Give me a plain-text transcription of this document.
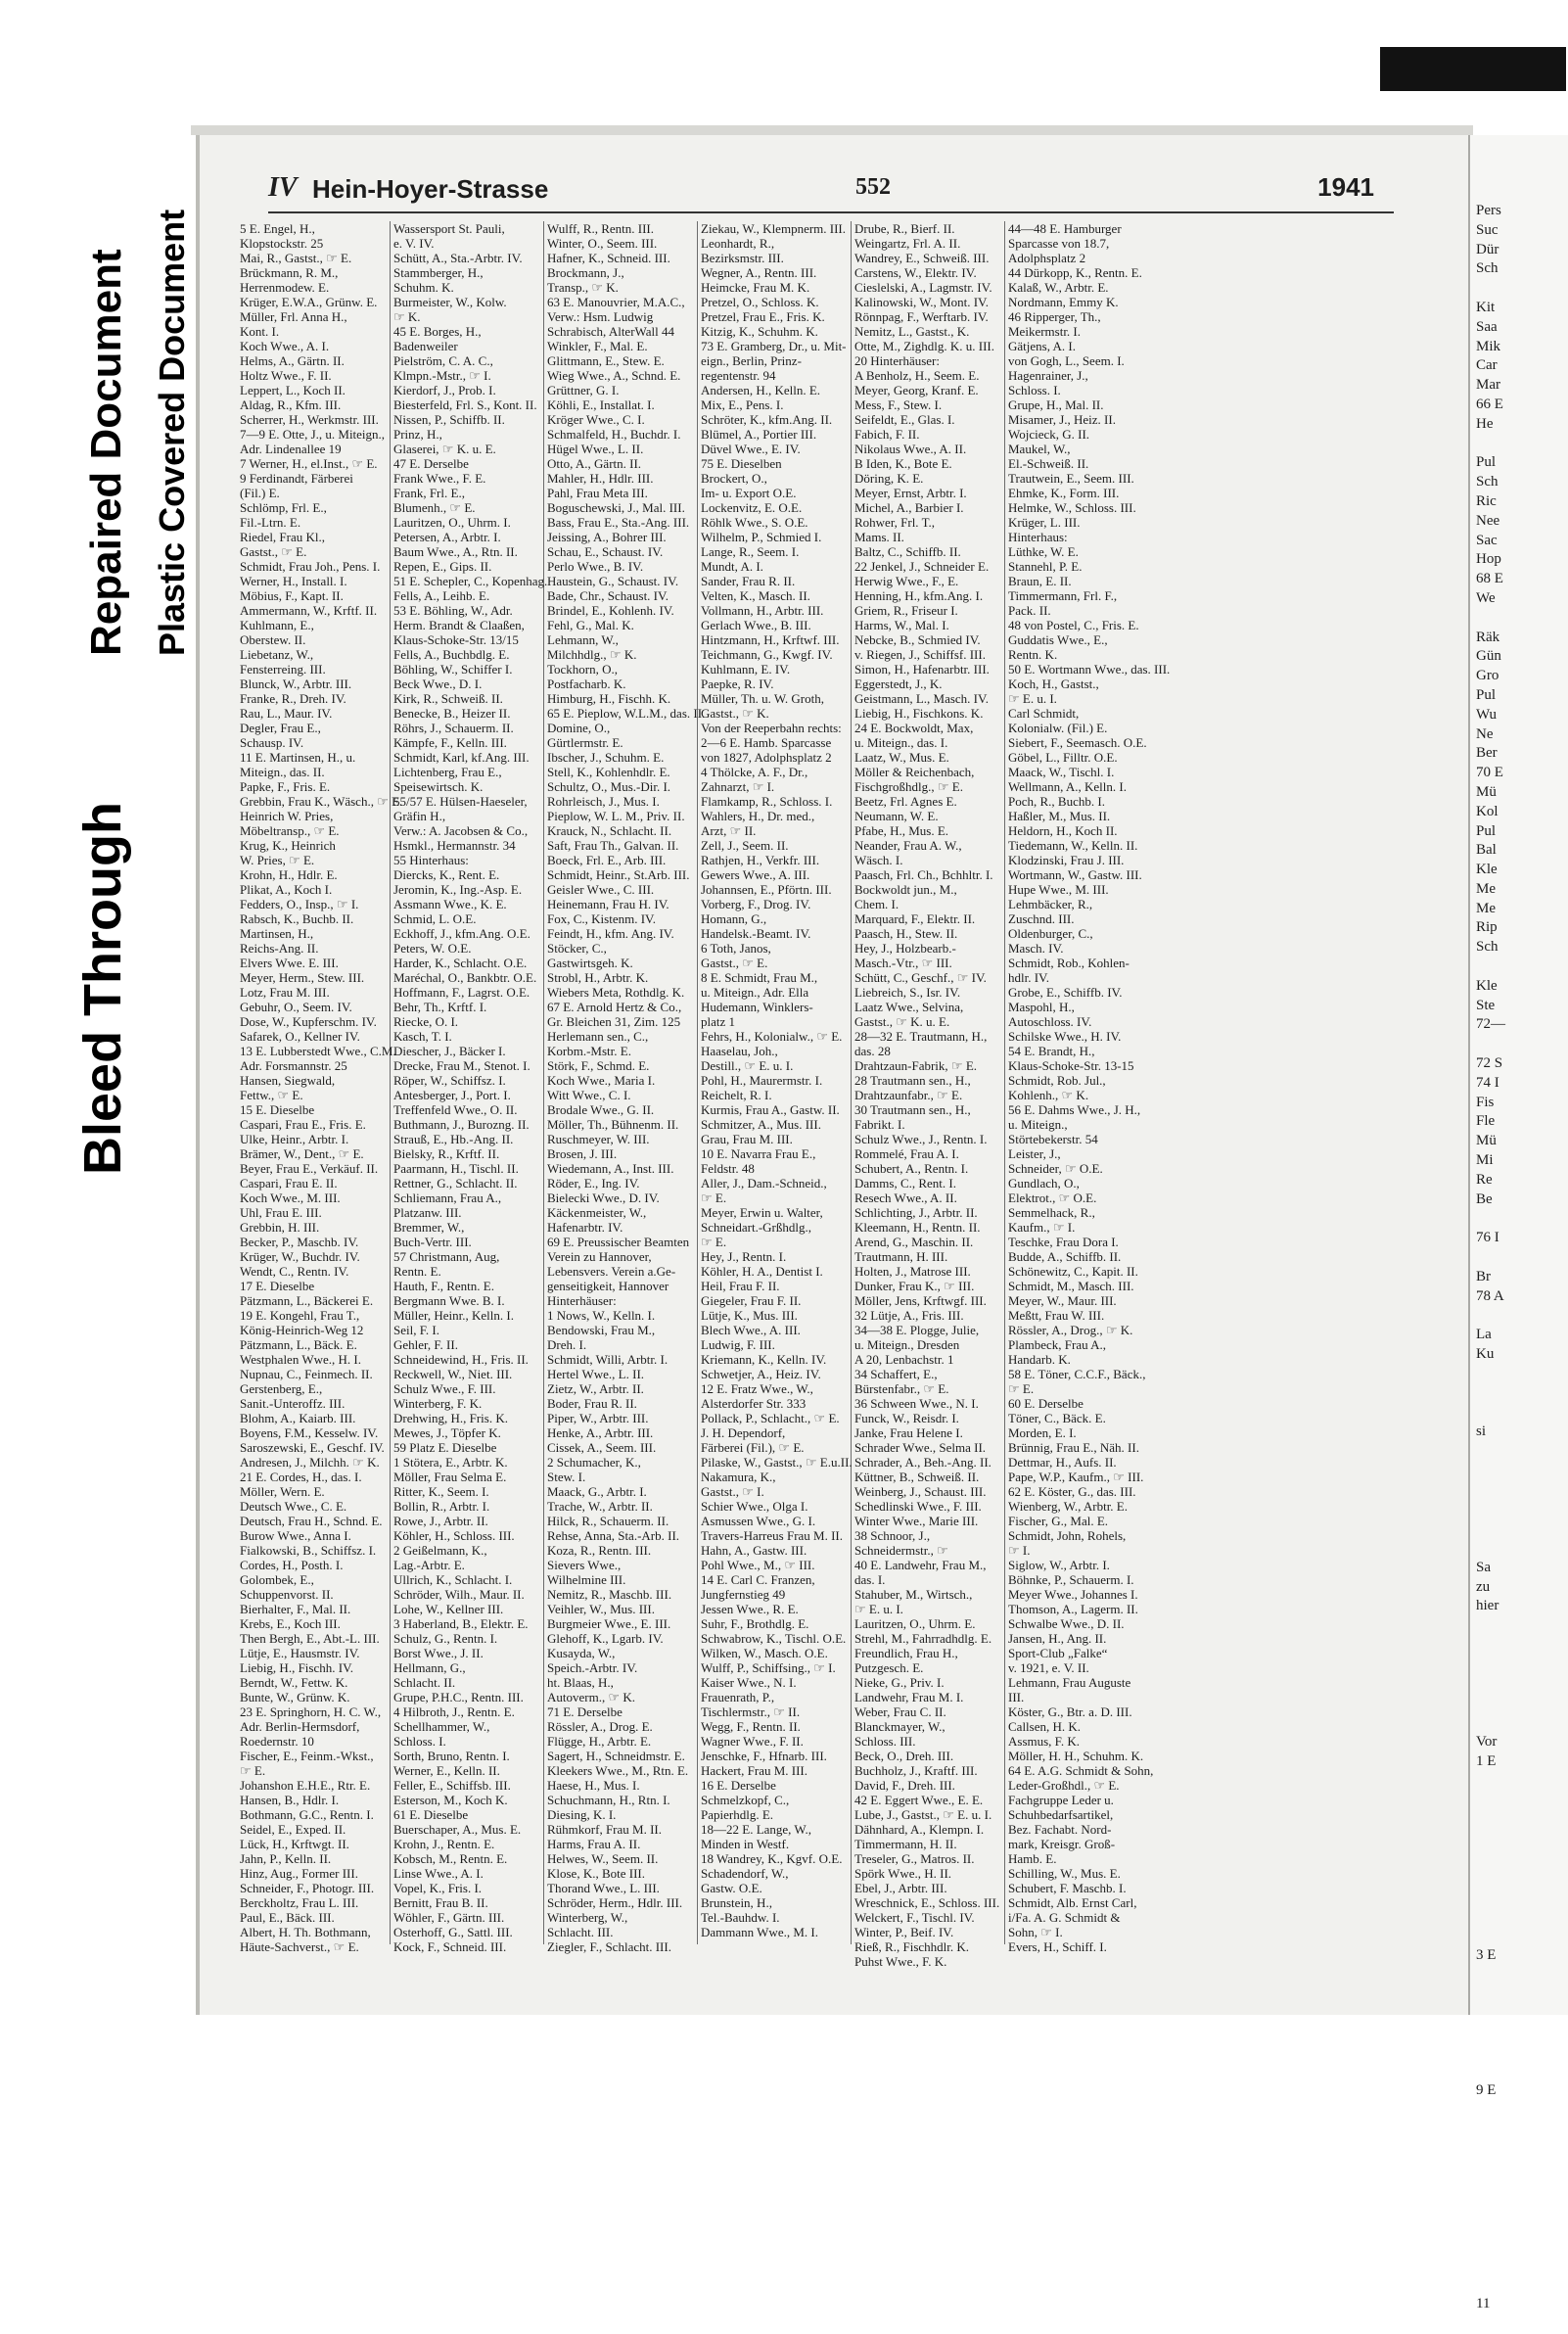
Bleed Through
Repaired Document Plastic Covered Document
IV Hein-Hoyer-Strasse	552	1941
5 E. Engel, H.,
Klopstockstr. 25
Mai, R., Gastst., ☞ E.
Brückmann, R. M.,
Herrenmodew. E.
Krüger, E.W.A., Grünw. E.
Müller, Frl. Anna H.,
Kont. I.
Koch Wwe., A. I.
Helms, A., Gärtn. II.
Holtz Wwe., F. II.
Leppert, L., Koch II.
Aldag, R., Kfm. III.
Scherrer, H., Werkmstr. III.
7—9 E. Otte, J., u. Miteign.,
Adr. Lindenallee 19
7 Werner, H., el.Inst., ☞ E.
9 Ferdinandt, Färberei
(Fil.) E.
Schlömp, Frl. E.,
Fil.-Ltrn. E.
Riedel, Frau Kl.,
Gastst., ☞ E.
Schmidt, Frau Joh., Pens. I.
Werner, H., Install. I.
Möbius, F., Kapt. II.
Ammermann, W., Krftf. II.
Kuhlmann, E.,
Oberstew. II.
Liebetanz, W.,
Fensterreing. III.
Blunck, W., Arbtr. III.
Franke, R., Dreh. IV.
Rau, L., Maur. IV.
Degler, Frau E.,
Schausp. IV.
11 E. Martinsen, H., u.
Miteign., das. II.
Papke, F., Fris. E.
Grebbin, Frau K., Wäsch., ☞ E.
Heinrich W. Pries,
Möbeltransp., ☞ E.
Krug, K., Heinrich
W. Pries, ☞ E.
Krohn, H., Hdlr. E.
Plikat, A., Koch I.
Fedders, O., Insp., ☞ I.
Rabsch, K., Buchb. II.
Martinsen, H.,
Reichs-Ang. II.
Elvers Wwe. E. III.
Meyer, Herm., Stew. III.
Lotz, Frau M. III.
Gebuhr, O., Seem. IV.
Dose, W., Kupferschm. IV.
Safarek, O., Kellner IV.
13 E. Lubberstedt Wwe., C.M.
Adr. Forsmannstr. 25
Hansen, Siegwald,
Fettw., ☞ E.
15 E. Dieselbe
Caspari, Frau E., Fris. E.
Ulke, Heinr., Arbtr. I.
Brämer, W., Dent., ☞ E.
Beyer, Frau E., Verkäuf. II.
Caspari, Frau E. II.
Koch Wwe., M. III.
Uhl, Frau E. III.
Grebbin, H. III.
Becker, P., Maschb. IV.
Krüger, W., Buchdr. IV.
Wendt, C., Rentn. IV.
17 E. Dieselbe
Pätzmann, L., Bäckerei E.
19 E. Kongehl, Frau T.,
König-Heinrich-Weg 12
Pätzmann, L., Bäck. E.
Westphalen Wwe., H. I.
Nupnau, C., Feinmech. II.
Gerstenberg, E.,
Sanit.-Unteroffz. III.
Blohm, A., Kaiarb. III.
Boyens, F.M., Kesselw. IV.
Saroszewski, E., Geschf. IV.
Andresen, J., Milchh. ☞ K.
21 E. Cordes, H., das. I.
Möller, Wern. E.
Deutsch Wwe., C. E.
Deutsch, Frau H., Schnd. E.
Burow Wwe., Anna I.
Fialkowski, B., Schiffsz. I.
Cordes, H., Posth. I.
Golombek, E.,
Schuppenvorst. II.
Bierhalter, F., Mal. II.
Krebs, E., Koch III.
Then Bergh, E., Abt.-L. III.
Lütje, E., Hausmstr. IV.
Liebig, H., Fischh. IV.
Berndt, W., Fettw. K.
Bunte, W., Grünw. K.
23 E. Springhorn, H. C. W.,
Adr. Berlin-Hermsdorf,
Roedernstr. 10
Fischer, E., Feinm.-Wkst.,
☞ E.
Johanshon E.H.E., Rtr. E.
Hansen, B., Hdlr. I.
Bothmann, G.C., Rentn. I.
Seidel, E., Exped. II.
Lück, H., Krftwgt. II.
Jahn, P., Kelln. II.
Hinz, Aug., Former III.
Schneider, F., Photogr. III.
Berckholtz, Frau L. III.
Paul, E., Bäck. III.
Albert, H. Th. Bothmann,
Häute-Sachverst., ☞ E.
Wassersport St. Pauli,
e. V. IV.
Schütt, A., Sta.-Arbtr. IV.
Stammberger, H.,
Schuhm. K.
Burmeister, W., Kolw.
☞ K.
45 E. Borges, H.,
Badenweiler
Pielström, C. A. C.,
Klmpn.-Mstr., ☞ I.
Kierdorf, J., Prob. I.
Biesterfeld, Frl. S., Kont. II.
Nissen, P., Schiffb. II.
Prinz, H.,
Glaserei, ☞ K. u. E.
47 E. Derselbe
Frank Wwe., F. E.
Frank, Frl. E.,
Blumenh., ☞ E.
Lauritzen, O., Uhrm. I.
Petersen, A., Arbtr. I.
Baum Wwe., A., Rtn. II.
Repen, E., Gips. II.
51 E. Schepler, C., Kopenhag.
Fells, A., Leihb. E.
53 E. Böhling, W., Adr.
Herm. Brandt & Claaßen,
Klaus-Schoke-Str. 13/15
Fells, A., Buchbdlg. E.
Böhling, W., Schiffer I.
Beck Wwe., D. I.
Kirk, R., Schweiß. II.
Benecke, B., Heizer II.
Röhrs, J., Schauerm. II.
Kämpfe, F., Kelln. III.
Schmidt, Karl, kf.Ang. III.
Lichtenberg, Frau E.,
Speisewirtsch. K.
55/57 E. Hülsen-Haeseler,
Gräfin H.,
Verw.: A. Jacobsen & Co.,
Hsmkl., Hermannstr. 34
55 Hinterhaus:
Diercks, K., Rent. E.
Jeromin, K., Ing.-Asp. E.
Assmann Wwe., K. E.
Schmid, L. O.E.
Eckhoff, J., kfm.Ang. O.E.
Peters, W. O.E.
Harder, K., Schlacht. O.E.
Maréchal, O., Bankbtr. O.E.
Hoffmann, F., Lagrst. O.E.
Behr, Th., Krftf. I.
Riecke, O. I.
Kasch, T. I.
Diescher, J., Bäcker I.
Drecke, Frau M., Stenot. I.
Röper, W., Schiffsz. I.
Antesberger, J., Port. I.
Treffenfeld Wwe., O. II.
Buthmann, J., Burozng. II.
Strauß, E., Hb.-Ang. II.
Bielsky, R., Krftf. II.
Paarmann, H., Tischl. II.
Rettner, G., Schlacht. II.
Schliemann, Frau A.,
Platzanw. III.
Bremmer, W.,
Buch-Vertr. III.
57 Christmann, Aug,
Rentn. E.
Hauth, F., Rentn. E.
Bergmann Wwe. B. I.
Müller, Heinr., Kelln. I.
Seil, F. I.
Gehler, F. II.
Schneidewind, H., Fris. II.
Reckwell, W., Niet. III.
Schulz Wwe., F. III.
Winterberg, F. K.
Drehwing, H., Fris. K.
Mewes, J., Töpfer K.
59 Platz E. Dieselbe
1 Stötera, E., Arbtr. K.
Möller, Frau Selma E.
Ritter, K., Seem. I.
Bollin, R., Arbtr. I.
Rowe, J., Arbtr. II.
Köhler, H., Schloss. III.
2 Geißelmann, K.,
Lag.-Arbtr. E.
Ullrich, K., Schlacht. I.
Schröder, Wilh., Maur. II.
Lohe, W., Kellner III.
3 Haberland, B., Elektr. E.
Schulz, G., Rentn. I.
Borst Wwe., J. II.
Hellmann, G.,
Schlacht. II.
Grupe, P.H.C., Rentn. III.
4 Hilbroth, J., Rentn. E.
Schellhammer, W.,
Schloss. I.
Sorth, Bruno, Rentn. I.
Werner, E., Kelln. II.
Feller, E., Schiffsb. III.
Esterson, M., Koch K.
61 E. Dieselbe
Buerschaper, A., Mus. E.
Krohn, J., Rentn. E.
Kobsch, M., Rentn. E.
Linse Wwe., A. I.
Vopel, K., Fris. I.
Bernitt, Frau B. II.
Wöhler, F., Gärtn. III.
Osterhoff, G., Sattl. III.
Kock, F., Schneid. III.
Wulff, R., Rentn. III.
Winter, O., Seem. III.
Hafner, K., Schneid. III.
Brockmann, J.,
Transp., ☞ K.
63 E. Manouvrier, M.A.C.,
Verw.: Hsm. Ludwig
Schrabisch, AlterWall 44
Winkler, F., Mal. E.
Glittmann, E., Stew. E.
Wieg Wwe., A., Schnd. E.
Grüttner, G. I.
Köhli, E., Installat. I.
Kröger Wwe., C. I.
Schmalfeld, H., Buchdr. I.
Hügel Wwe., L. II.
Otto, A., Gärtn. II.
Mahler, H., Hdlr. III.
Pahl, Frau Meta III.
Boguschewski, J., Mal. III.
Bass, Frau E., Sta.-Ang. III.
Jeissing, A., Bohrer III.
Schau, E., Schaust. IV.
Perlo Wwe., B. IV.
Haustein, G., Schaust. IV.
Bade, Chr., Schaust. IV.
Brindel, E., Kohlenh. IV.
Fehl, G., Mal. K.
Lehmann, W.,
Milchhdlg., ☞ K.
Tockhorn, O.,
Postfacharb. K.
Himburg, H., Fischh. K.
65 E. Pieplow, W.L.M., das. II.
Domine, O.,
Gürtlermstr. E.
Ibscher, J., Schuhm. E.
Stell, K., Kohlenhdlr. E.
Schultz, O., Mus.-Dir. I.
Rohrleisch, J., Mus. I.
Pieplow, W. L. M., Priv. II.
Krauck, N., Schlacht. II.
Saft, Frau Th., Galvan. II.
Boeck, Frl. E., Arb. III.
Schmidt, Heinr., St.Arb. III.
Geisler Wwe., C. III.
Heinemann, Frau H. IV.
Fox, C., Kistenm. IV.
Feindt, H., kfm. Ang. IV.
Stöcker, C.,
Gastwirtsgeh. K.
Strobl, H., Arbtr. K.
Wiebers Meta, Rothdlg. K.
67 E. Arnold Hertz & Co.,
Gr. Bleichen 31, Zim. 125
Herlemann sen., C.,
Korbm.-Mstr. E.
Störk, F., Schmd. E.
Koch Wwe., Maria I.
Witt Wwe., C. I.
Brodale Wwe., G. II.
Möller, Th., Bühnenm. II.
Ruschmeyer, W. III.
Brosen, J. III.
Wiedemann, A., Inst. III.
Röder, E., Ing. IV.
Bielecki Wwe., D. IV.
Käckenmeister, W.,
Hafenarbtr. IV.
69 E. Preussischer Beamten
Verein zu Hannover,
Lebensvers. Verein a.Ge-
genseitigkeit, Hannover
Hinterhäuser:
1 Nows, W., Kelln. I.
Bendowski, Frau M.,
Dreh. I.
Schmidt, Willi, Arbtr. I.
Hertel Wwe., L. II.
Zietz, W., Arbtr. II.
Boder, Frau R. II.
Piper, W., Arbtr. III.
Henke, A., Arbtr. III.
Cissek, A., Seem. III.
2 Schumacher, K.,
Stew. I.
Maack, G., Arbtr. I.
Trache, W., Arbtr. II.
Hilck, R., Schauerm. II.
Rehse, Anna, Sta.-Arb. II.
Koza, R., Rentn. III.
Sievers Wwe.,
Wilhelmine III.
Nemitz, R., Maschb. III.
Veihler, W., Mus. III.
Burgmeier Wwe., E. III.
Glehoff, K., Lgarb. IV.
Kusayda, W.,
Speich.-Arbtr. IV.
ht. Blaas, H.,
Autoverm., ☞ K.
71 E. Derselbe
Rössler, A., Drog. E.
Flügge, H., Arbtr. E.
Sagert, H., Schneidmstr. E.
Kleekers Wwe., M., Rtn. E.
Haese, H., Mus. I.
Schuchmann, H., Rtn. I.
Diesing, K. I.
Rühmkorf, Frau M. II.
Harms, Frau A. II.
Helwes, W., Seem. II.
Klose, K., Bote III.
Thorand Wwe., L. III.
Schröder, Herm., Hdlr. III.
Winterberg, W.,
Schlacht. III.
Ziegler, F., Schlacht. III.
Ziekau, W., Klempnerm. III.
Leonhardt, R.,
Bezirksmstr. III.
Wegner, A., Rentn. III.
Heimcke, Frau M. K.
Pretzel, O., Schloss. K.
Pretzel, Frau E., Fris. K.
Kitzig, K., Schuhm. K.
73 E. Gramberg, Dr., u. Mit-
eign., Berlin, Prinz-
regentenstr. 94
Andersen, H., Kelln. E.
Mix, E., Pens. I.
Schröter, K., kfm.Ang. II.
Blümel, A., Portier III.
Düvel Wwe., E. IV.
75 E. Dieselben
Brockert, O.,
Im- u. Export O.E.
Lockenvitz, E. O.E.
Röhlk Wwe., S. O.E.
Wilhelm, P., Schmied I.
Lange, R., Seem. I.
Mundt, A. I.
Sander, Frau R. II.
Velten, K., Masch. II.
Vollmann, H., Arbtr. III.
Gerlach Wwe., B. III.
Hintzmann, H., Krftwf. III.
Teichmann, G., Kwgf. IV.
Kuhlmann, E. IV.
Paepke, R. IV.
Müller, Th. u. W. Groth,
Gastst., ☞ K.
Von der Reeperbahn rechts:
2—6 E. Hamb. Sparcasse
von 1827, Adolphsplatz 2
4 Thölcke, A. F., Dr.,
Zahnarzt, ☞ I.
Flamkamp, R., Schloss. I.
Wahlers, H., Dr. med.,
Arzt, ☞ II.
Zell, J., Seem. II.
Rathjen, H., Verkfr. III.
Gewers Wwe., A. III.
Johannsen, E., Pförtn. III.
Vorberg, F., Drog. IV.
Homann, G.,
Handelsk.-Beamt. IV.
6 Toth, Janos,
Gastst., ☞ E.
8 E. Schmidt, Frau M.,
u. Miteign., Adr. Ella
Hudemann, Winklers-
platz 1
Fehrs, H., Kolonialw., ☞ E.
Haaselau, Joh.,
Destill., ☞ E. u. I.
Pohl, H., Maurermstr. I.
Reichelt, R. I.
Kurmis, Frau A., Gastw. II.
Schmitzer, A., Mus. III.
Grau, Frau M. III.
10 E. Navarra Frau E.,
Feldstr. 48
Aller, J., Dam.-Schneid.,
☞ E.
Meyer, Erwin u. Walter,
Schneidart.-Grßhdlg.,
☞ E.
Hey, J., Rentn. I.
Köhler, H. A., Dentist I.
Heil, Frau F. II.
Giegeler, Frau F. II.
Lütje, K., Mus. III.
Blech Wwe., A. III.
Ludwig, F. III.
Kriemann, K., Kelln. IV.
Schwetjer, A., Heiz. IV.
12 E. Fratz Wwe., W.,
Alsterdorfer Str. 333
Pollack, P., Schlacht., ☞ E.
J. H. Dependorf,
Färberei (Fil.), ☞ E.
Pilaske, W., Gastst., ☞ E.u.II.
Nakamura, K.,
Gastst., ☞ I.
Schier Wwe., Olga I.
Asmussen Wwe., G. I.
Travers-Harreus Frau M. II.
Hahn, A., Gastw. III.
Pohl Wwe., M., ☞ III.
14 E. Carl C. Franzen,
Jungfernstieg 49
Jessen Wwe., R. E.
Suhr, F., Brothdlg. E.
Schwabrow, K., Tischl. O.E.
Wilken, W., Masch. O.E.
Wulff, P., Schiffsing., ☞ I.
Kaiser Wwe., N. I.
Frauenrath, P.,
Tischlermstr., ☞ II.
Wegg, F., Rentn. II.
Wagner Wwe., F. II.
Jenschke, F., Hfnarb. III.
Hackert, Frau M. III.
16 E. Derselbe
Schmelzkopf, C.,
Papierhdlg. E.
18—22 E. Lange, W.,
Minden in Westf.
18 Wandrey, K., Kgvf. O.E.
Schadendorf, W.,
Gastw. O.E.
Brunstein, H.,
Tel.-Bauhdw. I.
Dammann Wwe., M. I.
Drube, R., Bierf. II.
Weingartz, Frl. A. II.
Wandrey, E., Schweiß. III.
Carstens, W., Elektr. IV.
Cieslelski, A., Lagmstr. IV.
Kalinowski, W., Mont. IV.
Rönnpag, F., Werftarb. IV.
Nemitz, L., Gastst., K.
Otte, M., Zighdlg. K. u. III.
20 Hinterhäuser:
A Benholz, H., Seem. E.
Meyer, Georg, Kranf. E.
Mess, F., Stew. I.
Seifeldt, E., Glas. I.
Fabich, F. II.
Nikolaus Wwe., A. II.
B Iden, K., Bote E.
Döring, K. E.
Meyer, Ernst, Arbtr. I.
Michel, A., Barbier I.
Rohwer, Frl. T.,
Mams. II.
Baltz, C., Schiffb. II.
22 Jenkel, J., Schneider E.
Herwig Wwe., F., E.
Henning, H., kfm.Ang. I.
Griem, R., Friseur I.
Harms, W., Mal. I.
Nebcke, B., Schmied IV.
v. Riegen, J., Schiffsf. III.
Simon, H., Hafenarbtr. III.
Eggerstedt, J., K.
Geistmann, L., Masch. IV.
Liebig, H., Fischkons. K.
24 E. Bockwoldt, Max,
u. Miteign., das. I.
Laatz, W., Mus. E.
Möller & Reichenbach,
Fischgroßhdlg., ☞ E.
Beetz, Frl. Agnes E.
Neumann, W. E.
Pfabe, H., Mus. E.
Neander, Frau A. W.,
Wäsch. I.
Paasch, Frl. Ch., Bchhltr. I.
Bockwoldt jun., M.,
Chem. I.
Marquard, F., Elektr. II.
Paasch, H., Stew. II.
Hey, J., Holzbearb.-
Masch.-Vtr., ☞ III.
Schütt, C., Geschf., ☞ IV.
Liebreich, S., Isr. IV.
Laatz Wwe., Selvina,
Gastst., ☞ K. u. E.
28—32 E. Trautmann, H.,
das. 28
Drahtzaun-Fabrik, ☞ E.
28 Trautmann sen., H.,
Drahtzaunfabr., ☞ E.
30 Trautmann sen., H.,
Fabrikt. I.
Schulz Wwe., J., Rentn. I.
Rommelé, Frau A. I.
Schubert, A., Rentn. I.
Damms, C., Rent. I.
Resech Wwe., A. II.
Schlichting, J., Arbtr. II.
Kleemann, H., Rentn. II.
Arend, G., Maschin. II.
Trautmann, H. III.
Holten, J., Matrose III.
Dunker, Frau K., ☞ III.
Möller, Jens, Krftwgf. III.
32 Lütje, A., Fris. III.
34—38 E. Plogge, Julie,
u. Miteign., Dresden
A 20, Lenbachstr. 1
34 Schaffert, E.,
Bürstenfabr., ☞ E.
36 Schween Wwe., N. I.
Funck, W., Reisdr. I.
Janke, Frau Helene I.
Schrader Wwe., Selma II.
Schrader, A., Beh.-Ang. II.
Küttner, B., Schweiß. II.
Weinberg, J., Schaust. III.
Schedlinski Wwe., F. III.
Winter Wwe., Marie III.
38 Schnoor, J.,
Schneidermstr., ☞
40 E. Landwehr, Frau M.,
das. I.
Stahuber, M., Wirtsch.,
☞ E. u. I.
Lauritzen, O., Uhrm. E.
Strehl, M., Fahrradhdlg. E.
Freundlich, Frau H.,
Putzgesch. E.
Nieke, G., Priv. I.
Landwehr, Frau M. I.
Weber, Frau C. II.
Blanckmayer, W.,
Schloss. III.
Beck, O., Dreh. III.
Buchholz, J., Kraftf. III.
David, F., Dreh. III.
42 E. Eggert Wwe., E. E.
Lube, J., Gastst., ☞ E. u. I.
Dähnhard, A., Klempn. I.
Timmermann, H. II.
Treseler, G., Matros. II.
Spörk Wwe., H. II.
Ebel, J., Arbtr. III.
Wreschnick, E., Schloss. III.
Welckert, F., Tischl. IV.
Winter, P., Beif. IV.
Rieß, R., Fischhdlr. K.
Puhst Wwe., F. K.
44—48 E. Hamburger
Sparcasse von 18.7,
Adolphsplatz 2
44 Dürkopp, K., Rentn. E.
Kalaß, W., Arbtr. E.
Nordmann, Emmy K.
46 Ripperger, Th.,
Meikermstr. I.
Gätjens, A. I.
von Gogh, L., Seem. I.
Hagenrainer, J.,
Schloss. I.
Grupe, H., Mal. II.
Misamer, J., Heiz. II.
Wojcieck, G. II.
Maukel, W.,
El.-Schweiß. II.
Trautwein, E., Seem. III.
Ehmke, K., Form. III.
Helmke, W., Schloss. III.
Krüger, L. III.
Hinterhaus:
Lüthke, W. E.
Stannehl, P. E.
Braun, E. II.
Timmermann, Frl. F.,
Pack. II.
48 von Postel, C., Fris. E.
Guddatis Wwe., E.,
Rentn. K.
50 E. Wortmann Wwe., das. III.
Koch, H., Gastst.,
☞ E. u. I.
Carl Schmidt,
Kolonialw. (Fil.) E.
Siebert, F., Seemasch. O.E.
Göbel, L., Filltr. O.E.
Maack, W., Tischl. I.
Wellmann, A., Kelln. I.
Poch, R., Buchb. I.
Haßler, M., Mus. II.
Heldorn, H., Koch II.
Tiedemann, W., Kelln. II.
Klodzinski, Frau J. III.
Wortmann, W., Gastw. III.
Hupe Wwe., M. III.
Lehmbäcker, R.,
Zuschnd. III.
Oldenburger, C.,
Masch. IV.
Schmidt, Rob., Kohlen-
hdlr. IV.
Grobe, E., Schiffb. IV.
Maspohl, H.,
Autoschloss. IV.
Schilske Wwe., H. IV.
54 E. Brandt, H.,
Klaus-Schoke-Str. 13-15
Schmidt, Rob. Jul.,
Kohlenh., ☞ K.
56 E. Dahms Wwe., J. H.,
u. Miteign.,
Störtebekerstr. 54
Leister, J.,
Schneider, ☞ O.E.
Gundlach, O.,
Elektrot., ☞ O.E.
Semmelhack, R.,
Kaufm., ☞ I.
Teschke, Frau Dora I.
Budde, A., Schiffb. II.
Schönewitz, C., Kapit. II.
Schmidt, M., Masch. III.
Meyer, W., Maur. III.
Meßtt, Frau W. III.
Rössler, A., Drog., ☞ K.
Plambeck, Frau A.,
Handarb. K.
58 E. Töner, C.C.F., Bäck.,
☞ E.
60 E. Derselbe
Töner, C., Bäck. E.
Morden, E. I.
Brünnig, Frau E., Näh. II.
Dettmar, H., Aufs. II.
Pape, W.P., Kaufm., ☞ III.
62 E. Köster, G., das. III.
Wienberg, W., Arbtr. E.
Fischer, G., Mal. E.
Schmidt, John, Rohels,
☞ I.
Siglow, W., Arbtr. I.
Böhnke, P., Schauerm. I.
Meyer Wwe., Johannes I.
Thomson, A., Lagerm. II.
Schwalbe Wwe., D. II.
Jansen, H., Ang. II.
Sport-Club „Falke“
v. 1921, e. V. II.
Lehmann, Frau Auguste
III.
Köster, G., Btr. a. D. III.
Callsen, H. K.
Assmus, F. K.
Möller, H. H., Schuhm. K.
64 E. A.G. Schmidt & Sohn,
Leder-Großhdl., ☞ E.
Fachgruppe Leder u.
Schuhbedarfsartikel,
Bez. Fachabt. Nord-
mark, Kreisgr. Groß-
Hamb. E.
Schilling, W., Mus. E.
Schubert, F. Maschb. I.
Schmidt, Alb. Ernst Carl,
i/Fa. A. G. Schmidt &
Sohn, ☞ I.
Evers, H., Schiff. I.
Pers
Suc
Dür
Sch

Kit
Saa
Mik
Car
Mar
66 E
He

Pul
Sch
Ric
Nee
Sac
Hop
68 E
We

Räk
Gün
Gro
Pul
Wu
Ne
Ber
70 E
Mü
Kol
Pul
Bal
Kle
Me
Me
Rip
Sch

Kle
Ste
72—

72 S
74 I
Fis
Fle
Mü
Mi
Re
Be

76 I

Br
78 A

La
Ku

si

Sa
zu
hier

Vor
1 E

3 E

9 E

11
